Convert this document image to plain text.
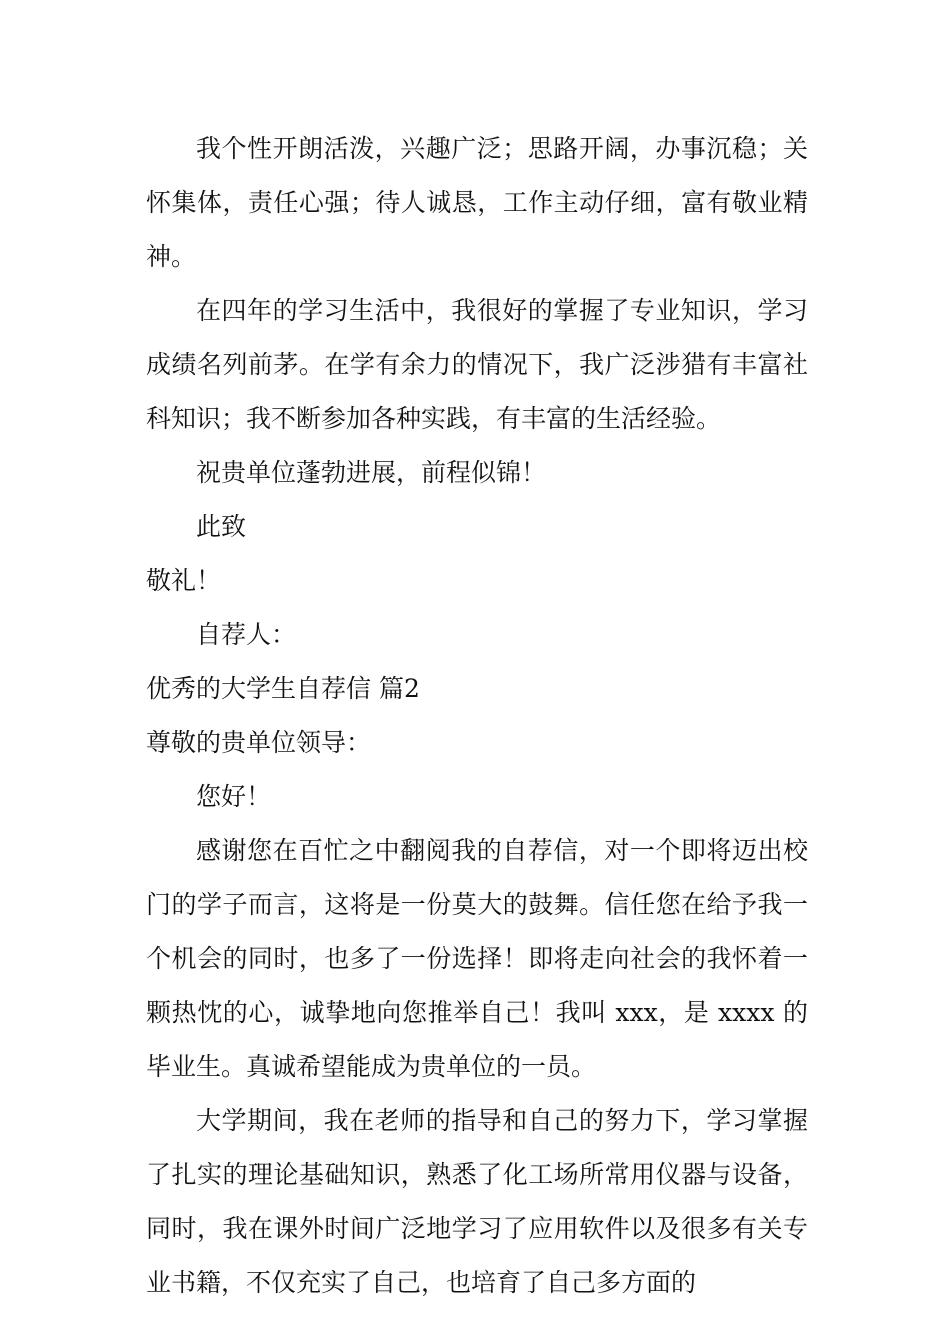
我个性开朗活泼，兴趣广泛；思路开阔，办事沉稳；关怀集体，责任心强；待人诚恳，工作主动仔细，富有敬业精神。

在四年的学习生活中，我很好的掌握了专业知识，学习成绩名列前茅。在学有余力的情况下，我广泛涉猎有丰富社科知识；我不断参加各种实践，有丰富的生活经验。

祝贵单位蓬勃进展，前程似锦！

此致

敬礼！

自荐人：

优秀的大学生自荐信 篇2

尊敬的贵单位领导：

您好！

感谢您在百忙之中翻阅我的自荐信，对一个即将迈出校门的学子而言，这将是一份莫大的鼓舞。信任您在给予我一个机会的同时，也多了一份选择！即将走向社会的我怀着一颗热忱的心，诚挚地向您推举自己！我叫 xxx，是 xxxx 的毕业生。真诚希望能成为贵单位的一员。

大学期间，我在老师的指导和自己的努力下，学习掌握了扎实的理论基础知识，熟悉了化工场所常用仪器与设备，同时，我在课外时间广泛地学习了应用软件以及很多有关专业书籍，不仅充实了自己，也培育了自己多方面的
